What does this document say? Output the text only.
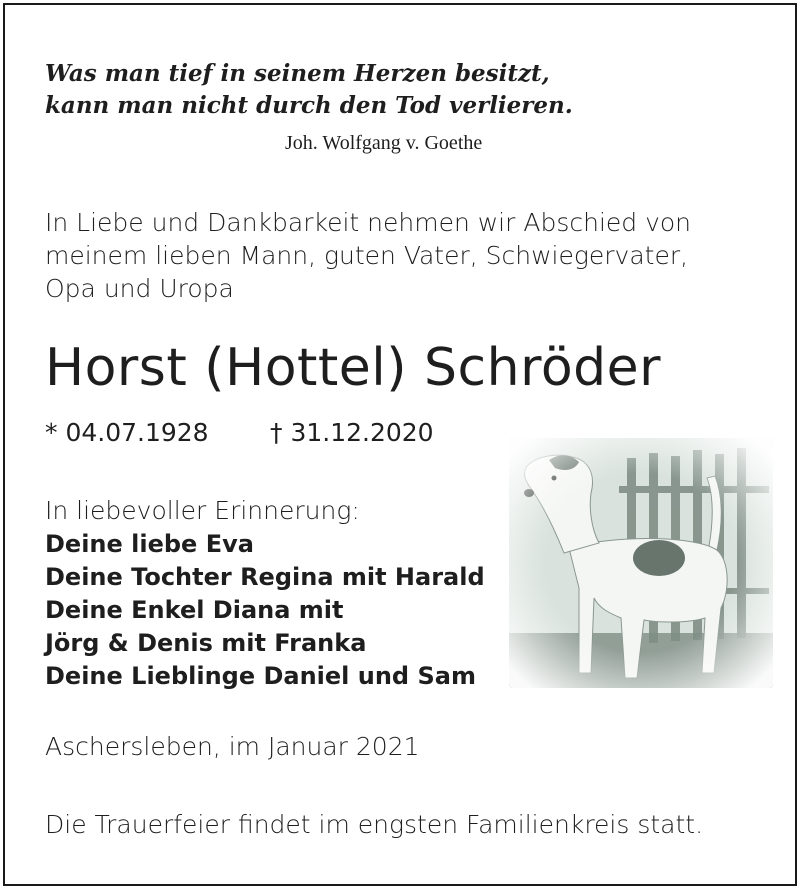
Was man tief in seinem Herzen besitzt,
kann man nicht durch den Tod verlieren.
Joh. Wolfgang v. Goethe
In Liebe und Dankbarkeit nehmen wir Abschied von
meinem lieben Mann, guten Vater, Schwiegervater,
Opa und Uropa
Horst (Hottel) Schröder
* 04.07.1928 † 31.12.2020
In liebevoller Erinnerung:
Deine liebe Eva
Deine Tochter Regina mit Harald
Deine Enkel Diana mit
Jörg & Denis mit Franka
Deine Lieblinge Daniel und Sam
Aschersleben, im Januar 2021
Die Trauerfeier findet im engsten Familienkreis statt.
